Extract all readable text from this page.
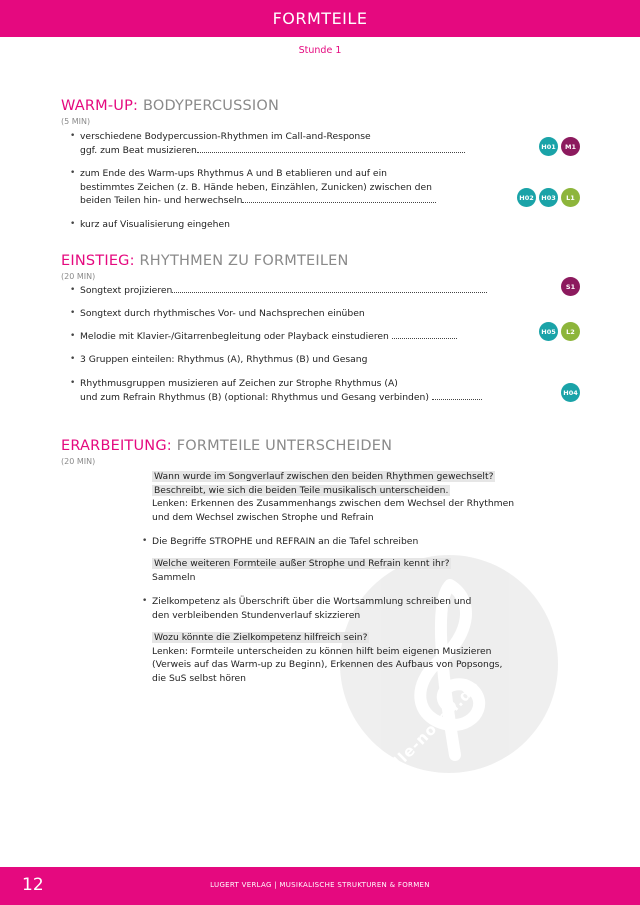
FORMTEILE
Stunde 1
alle-noten.de
WARM-UP: BODYPERCUSSION
(5 MIN)
• verschiedene Bodypercussion-Rhythmen im Call-and-Response
ggf. zum Beat musizieren	H01	M1
• zum Ende des Warm-ups Rhythmus A und B etablieren und auf ein
bestimmtes Zeichen (z. B. Hände heben, Einzählen, Zunicken) zwischen den
beiden Teilen hin- und herwechseln	H02	H03	L1
• kurz auf Visualisierung eingehen
EINSTIEG: RHYTHMEN ZU FORMTEILEN
(20 MIN)
• Songtext projizieren	S1
• Songtext durch rhythmisches Vor- und Nachsprechen einüben
• Melodie mit Klavier-/Gitarrenbegleitung oder Playback einstudieren	H05	L2
• 3 Gruppen einteilen: Rhythmus (A), Rhythmus (B) und Gesang
• Rhythmusgruppen musizieren auf Zeichen zur Strophe Rhythmus (A)
und zum Refrain Rhythmus (B) (optional: Rhythmus und Gesang verbinden)	H04
ERARBEITUNG: FORMTEILE UNTERSCHEIDEN
(20 MIN)
Wann wurde im Songverlauf zwischen den beiden Rhythmen gewechselt?
Beschreibt, wie sich die beiden Teile musikalisch unterscheiden.
Lenken: Erkennen des Zusammenhangs zwischen dem Wechsel der Rhythmen
und dem Wechsel zwischen Strophe und Refrain
• Die Begriffe STROPHE und REFRAIN an die Tafel schreiben
Welche weiteren Formteile außer Strophe und Refrain kennt ihr?
Sammeln
• Zielkompetenz als Überschrift über die Wortsammlung schreiben und
den verbleibenden Stundenverlauf skizzieren
Wozu könnte die Zielkompetenz hilfreich sein?
Lenken: Formteile unterscheiden zu können hilft beim eigenen Musizieren
(Verweis auf das Warm-up zu Beginn), Erkennen des Aufbaus von Popsongs,
die SuS selbst hören
12	LUGERT VERLAG | MUSIKALISCHE STRUKTUREN & FORMEN
